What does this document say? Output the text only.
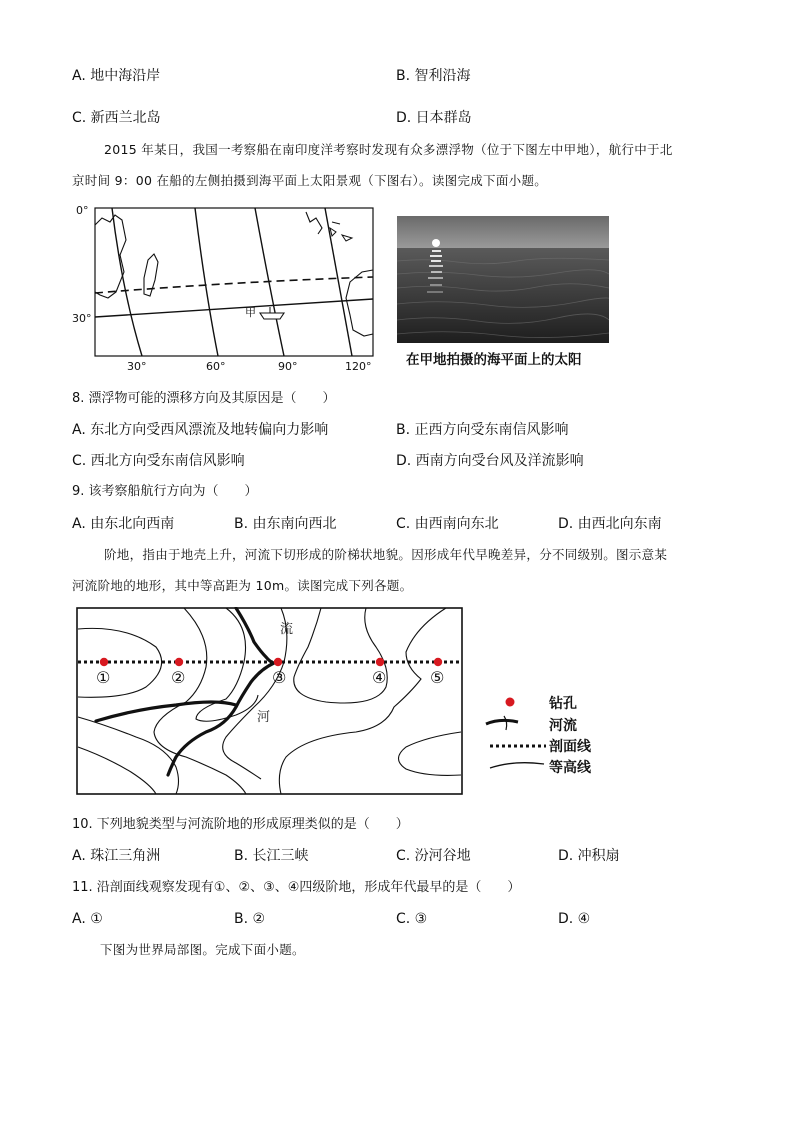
A. 地中海沿岸	B. 智利沿海
C. 新西兰北岛	D. 日本群岛
2015 年某日，我国一考察船在南印度洋考察时发现有众多漂浮物（位于下图左中甲地），航行中于北
京时间 9：00 在船的左侧拍摄到海平面上太阳景观（下图右）。读图完成下面小题。
甲
0°
30°
30°	60°	90°	120°	在甲地拍摄的海平面上的太阳
8. 漂浮物可能的漂移方向及其原因是（　　）
A. 东北方向受西风漂流及地转偏向力影响	B. 正西方向受东南信风影响
C. 西北方向受东南信风影响	D. 西南方向受台风及洋流影响
9. 该考察船航行方向为（　　）
A. 由东北向西南	B. 由东南向西北	C. 由西南向东北	D. 由西北向东南
阶地，指由于地壳上升，河流下切形成的阶梯状地貌。因形成年代早晚差异，分不同级别。图示意某
河流阶地的地形，其中等高距为 10m。读图完成下列各题。
①	②	③	④	⑤
流
河
钻孔
河流
剖面线
等高线
10. 下列地貌类型与河流阶地的形成原理类似的是（　　）
A. 珠江三角洲	B. 长江三峡	C. 汾河谷地	D. 冲积扇
11. 沿剖面线观察发现有①、②、③、④四级阶地，形成年代最早的是（　　）
A. ①	B. ②	C. ③	D. ④
下图为世界局部图。完成下面小题。
